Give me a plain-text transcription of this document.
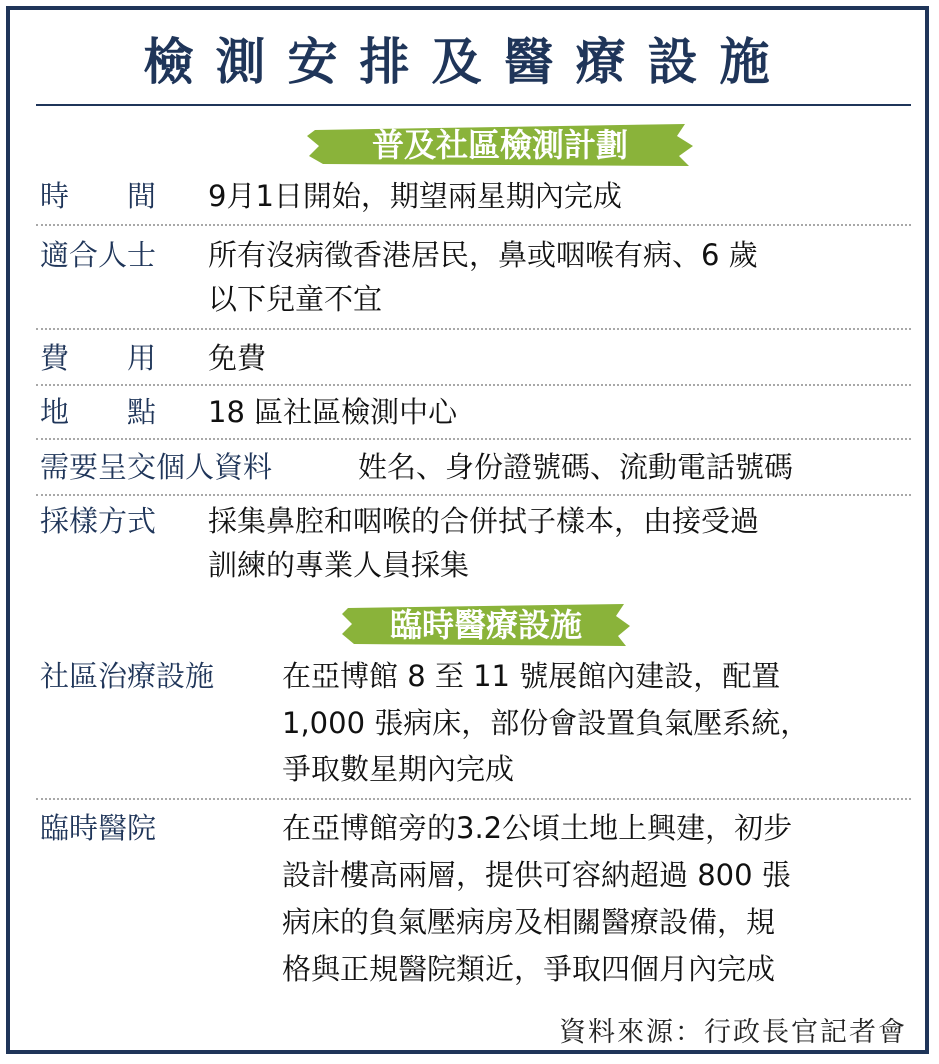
檢測安排及醫療設施
普及社區檢測計劃
時　　間 9月1日開始，期望兩星期內完成
適合人士 所有沒病徵香港居民，鼻或咽喉有病、6 歲
以下兒童不宜
費　　用 免費
地　　點 18 區社區檢測中心
需要呈交個人資料	姓名、身份證號碼、流動電話號碼
採樣方式 採集鼻腔和咽喉的合併拭子樣本，由接受過
訓練的專業人員採集
臨時醫療設施
社區治療設施 在亞博館 8 至 11 號展館內建設，配置
1,000 張病床，部份會設置負氣壓系統，
爭取數星期內完成
臨時醫院	在亞博館旁的3.2公頃土地上興建，初步
設計樓高兩層，提供可容納超過 800 張
病床的負氣壓病房及相關醫療設備，規
格與正規醫院類近，爭取四個月內完成
資料來源：行政長官記者會
